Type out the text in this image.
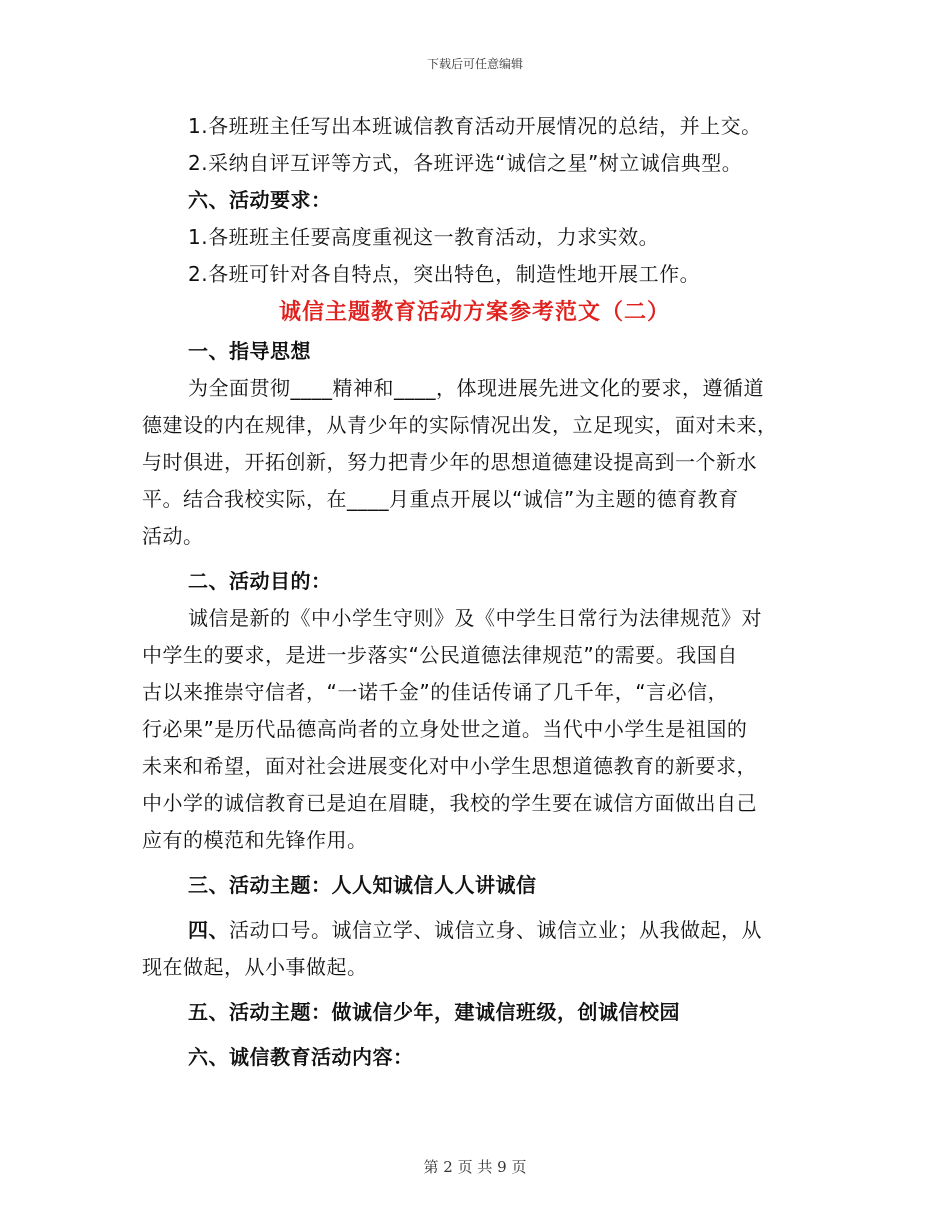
下载后可任意编辑
1.各班班主任写出本班诚信教育活动开展情况的总结，并上交。
2.采纳自评互评等方式，各班评选“诚信之星”树立诚信典型。
六、活动要求：
1.各班班主任要高度重视这一教育活动，力求实效。
2.各班可针对各自特点，突出特色，制造性地开展工作。
诚信主题教育活动方案参考范文（二）
一、指导思想
为全面贯彻____精神和____，体现进展先进文化的要求，遵循道
德建设的内在规律，从青少年的实际情况出发，立足现实，面对未来，
与时俱进，开拓创新，努力把青少年的思想道德建设提高到一个新水
平。结合我校实际，在____月重点开展以“诚信”为主题的德育教育
活动。
二、活动目的：
诚信是新的《中小学生守则》及《中学生日常行为法律规范》对
中学生的要求，是进一步落实“公民道德法律规范”的需要。我国自
古以来推崇守信者，“一诺千金”的佳话传诵了几千年，“言必信，
行必果”是历代品德高尚者的立身处世之道。当代中小学生是祖国的
未来和希望，面对社会进展变化对中小学生思想道德教育的新要求，
中小学的诚信教育已是迫在眉睫，我校的学生要在诚信方面做出自己
应有的模范和先锋作用。
三、活动主题：人人知诚信人人讲诚信
四、活动口号。诚信立学、诚信立身、诚信立业；从我做起，从
现在做起，从小事做起。
五、活动主题：做诚信少年，建诚信班级，创诚信校园
六、诚信教育活动内容：
第 2 页 共 9 页
